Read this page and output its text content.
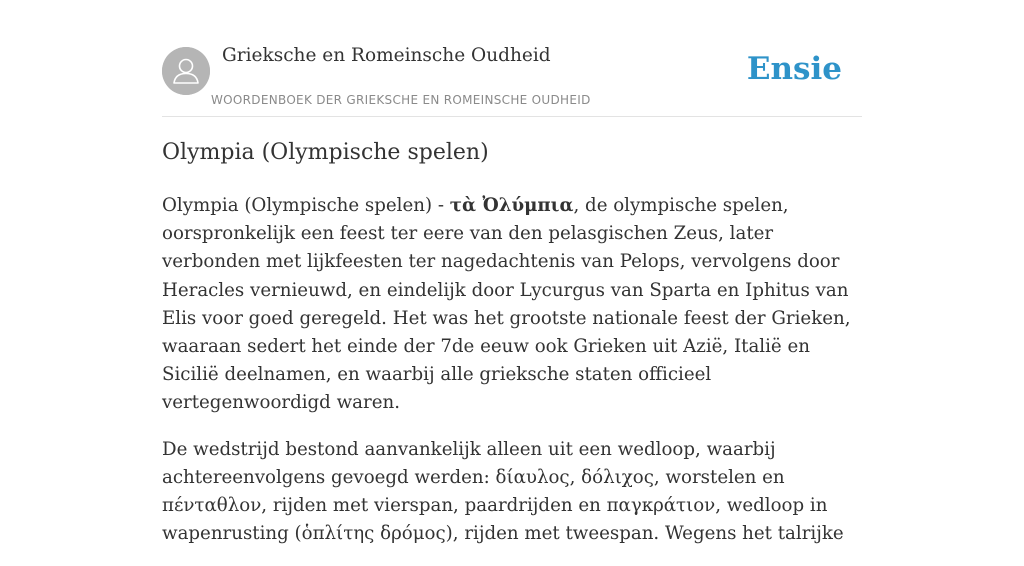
Grieksche en Romeinsche Oudheid
WOORDENBOEK DER GRIEKSCHE EN ROMEINSCHE OUDHEID
Ensie
Olympia (Olympische spelen)

Olympia (Olympische spelen) - τὰ Ὀλύμπια, de olympische spelen, oorspronkelijk een feest ter eere van den pelasgischen Zeus, later verbonden met lijkfeesten ter nagedachtenis van Pelops, vervolgens door Heracles vernieuwd, en eindelijk door Lycurgus van Sparta en Iphitus van Elis voor goed geregeld. Het was het grootste nationale feest der Grieken, waaraan sedert het einde der 7de eeuw ook Grieken uit Azië, Italië en Sicilië deelnamen, en waarbij alle grieksche staten officieel vertegenwoordigd waren.

De wedstrijd bestond aanvankelijk alleen uit een wedloop, waarbij achtereenvolgens gevoegd werden: δίαυλος, δόλιχος, worstelen en πένταθλον, rijden met vierspan, paardrijden en παγκράτιον, wedloop in wapenrusting (ὁπλίτης δρόμος), rijden met tweespan. Wegens het talrijke
